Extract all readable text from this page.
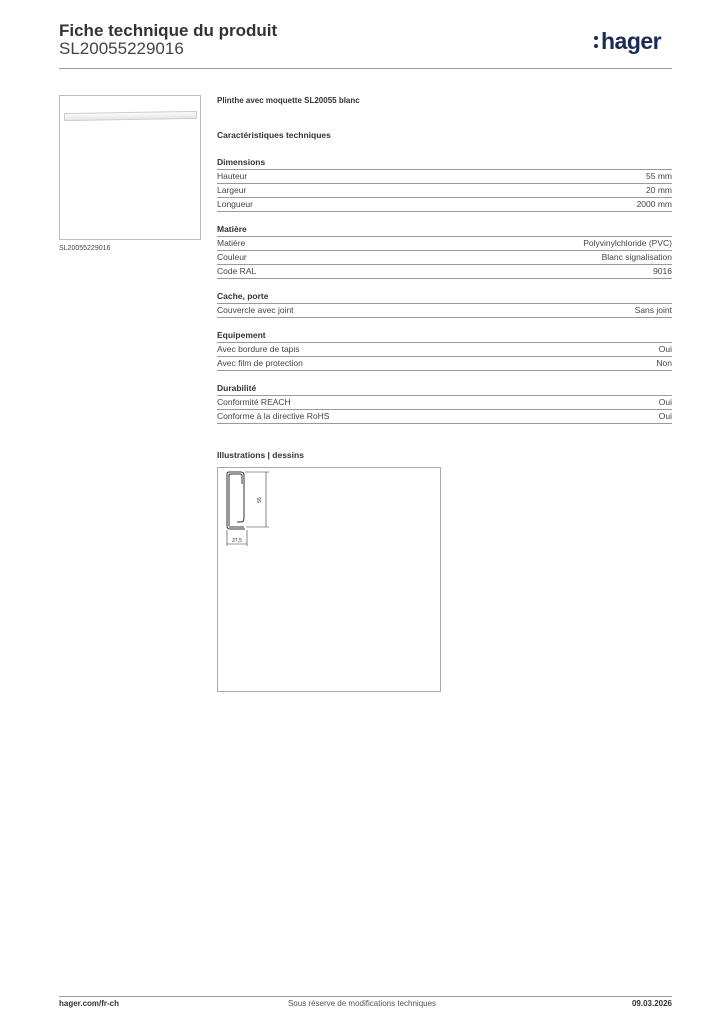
Fiche technique du produit
SL20055229016	hager
SL20055229016
Plinthe avec moquette SL20055 blanc
Caractéristiques techniques
Dimensions
Hauteur	55 mm
Largeur	20 mm
Longueur	2000 mm
Matière
Matière	Polyvinylchloride (PVC)
Couleur	Blanc signalisation
Code RAL	9016
Cache, porte
Couvercle avec joint	Sans joint
Equipement
Avec bordure de tapis	Oui
Avec film de protection	Non
Durabilité
Conformité REACH	Oui
Conforme à la directive RoHS	Oui
Illustrations | dessins
55
27,5
hager.com/fr-ch	Sous réserve de modifications techniques	09.03.2026
